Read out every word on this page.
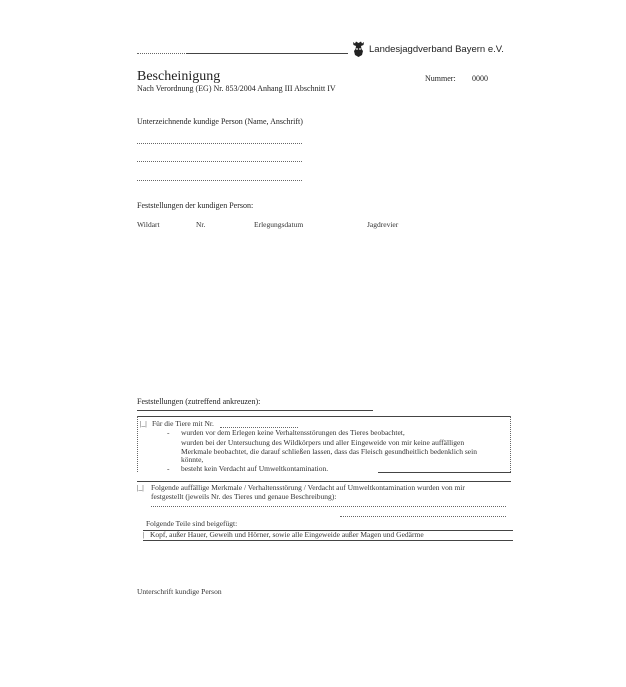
Landesjagdverband Bayern e.V.
Bescheinigung
Nach Verordnung (EG) Nr. 853/2004 Anhang III Abschnitt IV
Nummer: 0000
Unterzeichnende kundige Person (Name, Anschrift)
Feststellungen der kundigen Person:
Wildart	Nr.	Erlegungsdatum	Jagdrevier
Feststellungen (zutreffend ankreuzen):
|_| Für die Tiere mit Nr.
- wurden vor dem Erlegen keine Verhaltensstörungen des Tieres beobachtet,
wurden bei der Untersuchung des Wildkörpers und aller Eingeweide von mir keine auffälligen
Merkmale beobachtet, die darauf schließen lassen, dass das Fleisch gesundheitlich bedenklich sein
könnte,
- besteht kein Verdacht auf Umweltkontamination.
|_| Folgende auffällige Merkmale / Verhaltensstörung / Verdacht auf Umweltkontamination wurden von mir
festgestellt (jeweils Nr. des Tieres und genaue Beschreibung):
Folgende Teile sind beigefügt:
| Kopf, außer Hauer, Geweih und Hörner, sowie alle Eingeweide außer Magen und Gedärme
Unterschrift kundige Person
